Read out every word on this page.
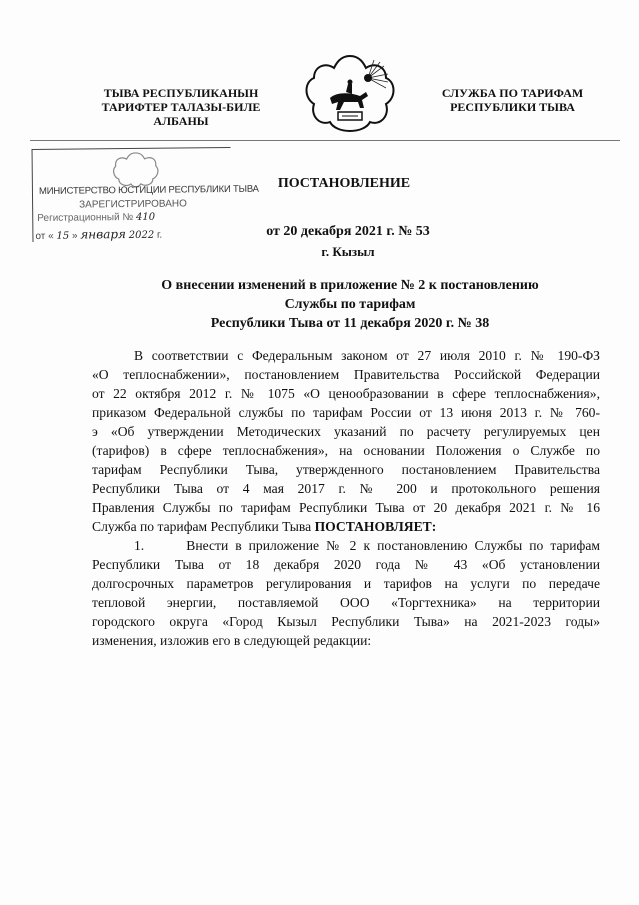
ТЫВА РЕСПУБЛИКАНЫН
ТАРИФТЕР ТАЛАЗЫ-БИЛЕ
АЛБАНЫ
СЛУЖБА ПО ТАРИФАМ
РЕСПУБЛИКИ ТЫВА
МИНИСТЕРСТВО ЮСТИЦИИ РЕСПУБЛИКИ ТЫВА
ЗАРЕГИСТРИРОВАНО
Регистрационный № 410
от « 15 » января 2022 г.
ПОСТАНОВЛЕНИЕ
от 20 декабря 2021 г. № 53
г. Кызыл
О внесении изменений в приложение № 2 к постановлению
Службы по тарифам
Республики Тыва от 11 декабря 2020 г. № 38
В соответствии с Федеральным законом от 27 июля 2010 г. № 190-ФЗ
«О теплоснабжении», постановлением Правительства Российской Федерации
от 22 октября 2012 г. № 1075 «О ценообразовании в сфере теплоснабжения»,
приказом Федеральной службы по тарифам России от 13 июня 2013 г. № 760-
э «Об утверждении Методических указаний по расчету регулируемых цен
(тарифов) в сфере теплоснабжения», на основании Положения о Службе по
тарифам Республики Тыва, утвержденного постановлением Правительства
Республики Тыва от 4 мая 2017 г. № 200 и протокольного решения
Правления Службы по тарифам Республики Тыва от 20 декабря 2021 г. № 16
Служба по тарифам Республики Тыва ПОСТАНОВЛЯЕТ:
1.      Внести в приложение № 2 к постановлению Службы по тарифам
Республики Тыва от 18 декабря 2020 года № 43 «Об установлении
долгосрочных параметров регулирования и тарифов на услуги по передаче
тепловой энергии, поставляемой ООО «Торгтехника» на территории
городского округа «Город Кызыл Республики Тыва» на 2021-2023 годы»
изменения, изложив его в следующей редакции:
